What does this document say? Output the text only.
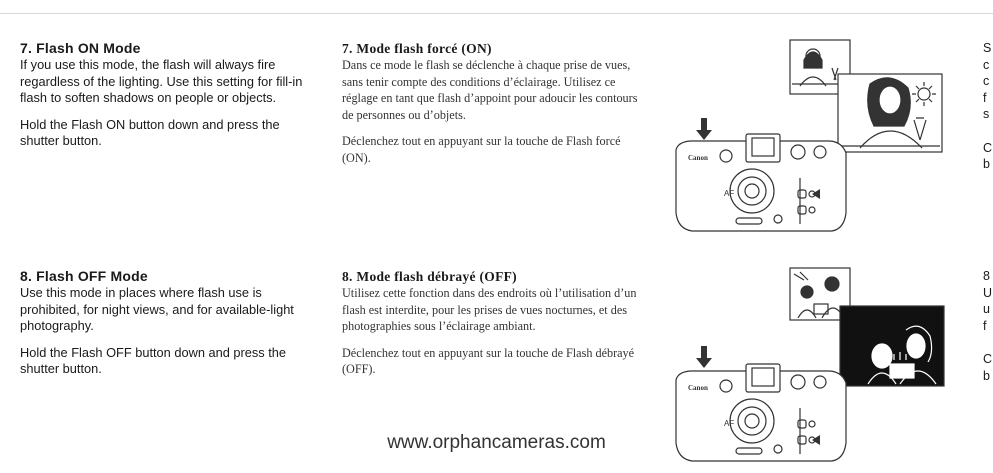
7. Flash ON Mode

If you use this mode, the flash will always fire regardless of the lighting. Use this setting for fill-in flash to soften shadows on people or objects.

Hold the Flash ON button down and press the shutter button.

7. Mode flash forcé (ON)

Dans ce mode le flash se déclenche à chaque prise de vues, sans tenir compte des conditions d’éclairage. Utilisez ce réglage en tant que flash d’appoint pour adoucir les contours de personnes ou d’objets.

Déclenchez tout en appuyant sur la touche de Flash forcé (ON).

8. Flash OFF Mode

Use this mode in places where flash use is prohibited, for night views, and for available-light photography.

Hold the Flash OFF button down and press the shutter button.

8. Mode flash débrayé (OFF)

Utilisez cette fonction dans des endroits où l’utilisation d’un flash est interdite, pour les prises de vues nocturnes, et des photographies sous l’éclairage ambiant.

Déclenchez tout en appuyant sur la touche de Flash débrayé (OFF).

Canon
AF
Canon
AF
S
c
c
f
s

C
b
8
U
u
f

C
b
www.orphancameras.com
